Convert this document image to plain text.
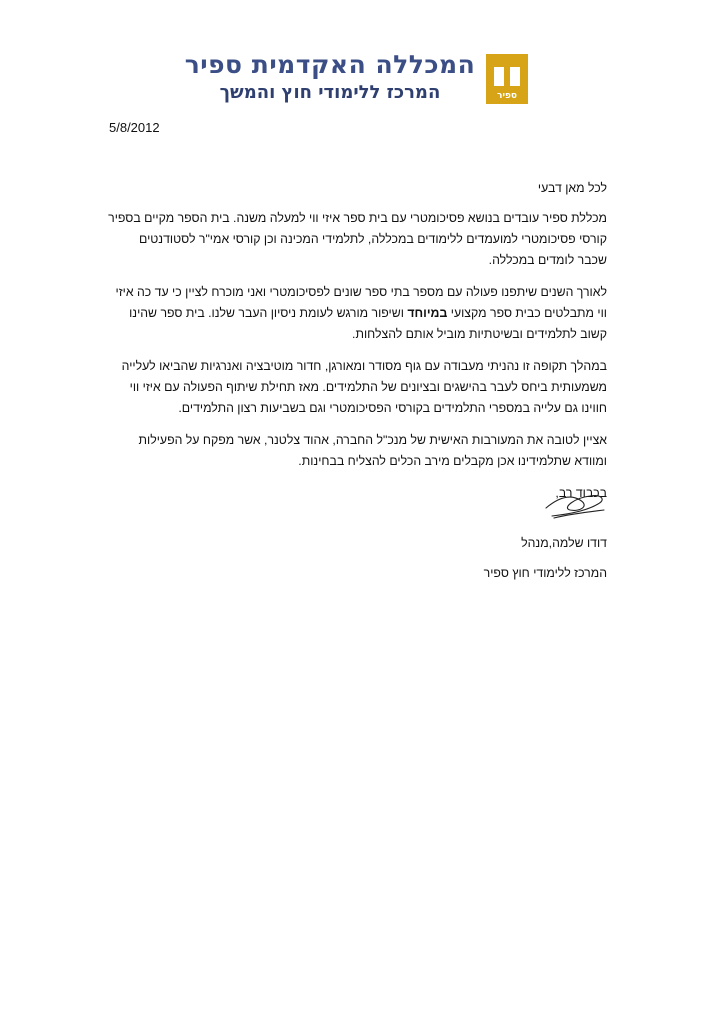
ספיר
המכללה האקדמית ספיר
המרכז ללימודי חוץ והמשך
5/8/2012

לכל מאן דבעי

מכללת ספיר עובדים בנושא פסיכומטרי עם בית ספר איזי ווי למעלה משנה. בית הספר מקיים בספיר קורסי פסיכומטרי למועמדים ללימודים במכללה, לתלמידי המכינה וכן קורסי אמי"ר לסטודנטים שכבר לומדים במכללה.

לאורך השנים שיתפנו פעולה עם מספר בתי ספר שונים לפסיכומטרי ואני מוכרח לציין כי עד כה איזי ווי מתבלטים כבית ספר מקצועי במיוחד ושיפור מורגש לעומת ניסיון העבר שלנו. בית ספר שהינו קשוב לתלמידים ובשיטתיות מוביל אותם להצלחות.

במהלך תקופה זו נהניתי מעבודה עם גוף מסודר ומאורגן, חדור מוטיבציה ואנרגיות שהביאו לעלייה משמעותית ביחס לעבר בהישגים ובציונים של התלמידים. מאז תחילת שיתוף הפעולה עם איזי ווי חווינו גם עלייה במספרי התלמידים בקורסי הפסיכומטרי וגם בשביעות רצון התלמידים.

אציין לטובה את המעורבות האישית של מנכ"ל החברה, אהוד צלטנר, אשר מפקח על הפעילות ומוודא שתלמידינו אכן מקבלים מירב הכלים להצליח בבחינות.

בכבוד רב,

דודו שלמה,מנהל
המרכז ללימודי חוץ ספיר
